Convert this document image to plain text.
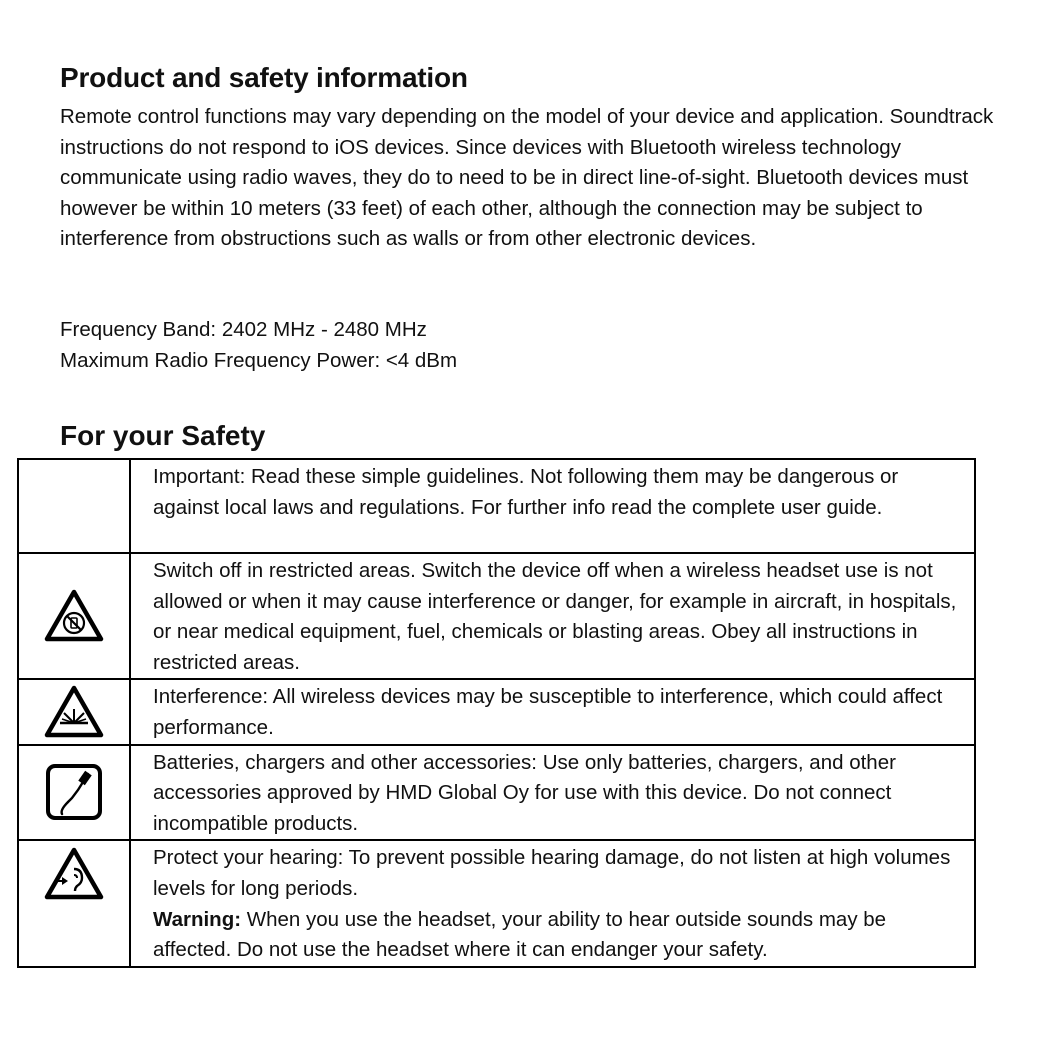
Product and safety information

Remote control functions may vary depending on the model of your device and application. Soundtrack instructions do not respond to iOS devices. Since devices with Bluetooth wireless technology communicate using radio waves, they do to need to be in direct line-of-sight. Bluetooth devices must however be within 10 meters (33 feet) of each other, although the connection may be subject to interference from obstructions such as walls or from other electronic devices.

Frequency Band: 2402 MHz - 2480 MHz
Maximum Radio Frequency Power: <4 dBm
For your Safety
	Important: Read these simple guidelines. Not following them may be dangerous or against local laws and regulations. For further info read the complete user guide.

	Switch off in restricted areas. Switch the device off when a wireless headset use is not allowed or when it may cause interference or danger, for example in aircraft, in hospitals, or near medical equipment, fuel, chemicals or blasting areas. Obey all instructions in restricted areas.

	Interference: All wireless devices may be susceptible to interference, which could affect performance.

	Batteries, chargers and other accessories: Use only batteries, chargers, and other accessories approved by HMD Global Oy for use with this device. Do not connect incompatible products.

	Protect your hearing: To prevent possible hearing damage, do not listen at high volumes levels for long periods.
Warning: When you use the headset, your ability to hear outside sounds may be affected. Do not use the headset where it can endanger your safety.
